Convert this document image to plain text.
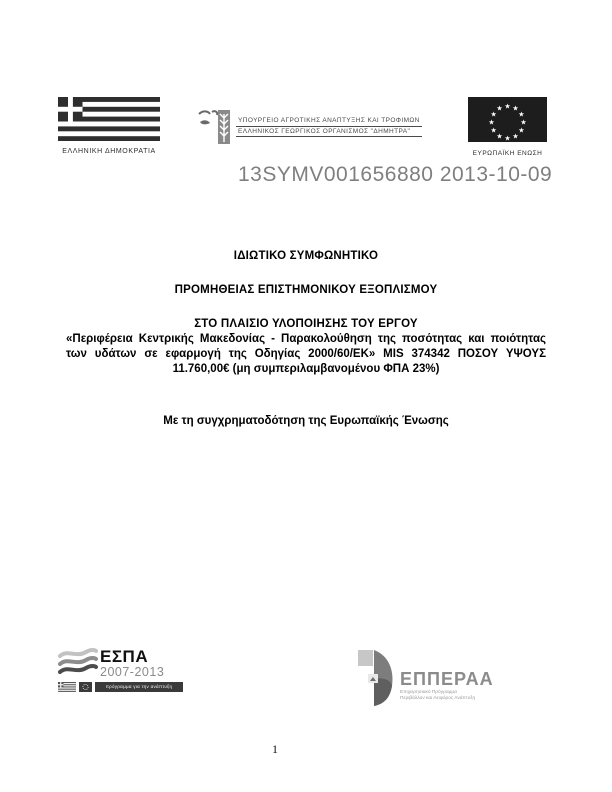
ΕΛΛΗΝΙΚΗ ΔΗΜΟΚΡΑΤΙΑ
ΥΠΟΥΡΓΕΙΟ ΑΓΡΟΤΙΚΗΣ ΑΝΑΠΤΥΞΗΣ ΚΑΙ ΤΡΟΦΙΜΩΝ
ΕΛΛΗΝΙΚΟΣ ΓΕΩΡΓΙΚΟΣ ΟΡΓΑΝΙΣΜΟΣ "ΔΗΜΗΤΡΑ"
★ ★
★
★
★
★
★
★
★
★
★
★
ΕΥΡΩΠΑΪΚΗ ΕΝΩΣΗ
13SYMV001656880 2013-10-09
ΙΔΙΩΤΙΚΟ ΣΥΜΦΩΝΗΤΙΚΟ
ΠΡΟΜΗΘΕΙΑΣ ΕΠΙΣΤΗΜΟΝΙΚΟΥ ΕΞΟΠΛΙΣΜΟΥ
ΣΤΟ ΠΛΑΙΣΙΟ ΥΛΟΠΟΙΗΣΗΣ ΤΟΥ ΕΡΓΟΥ
«Περιφέρεια Κεντρικής Μακεδονίας - Παρακολούθηση της ποσότητας και ποιότητας των υδάτων σε εφαρμογή της Οδηγίας 2000/60/ΕΚ» MIS 374342 ΠΟΣΟΥ ΥΨΟΥΣ 11.760,00€ (μη συμπεριλαμβανομένου ΦΠΑ 23%)
Με τη συγχρηματοδότηση της Ευρωπαϊκής Ένωσης
ΕΣΠΑ
2007-2013
πρόγραμμα για την ανάπτυξη	ΕΠΠΕΡΑΑ
Επιχειρησιακό Πρόγραμμα
Περιβάλλον και Αειφόρος Ανάπτυξη
1
